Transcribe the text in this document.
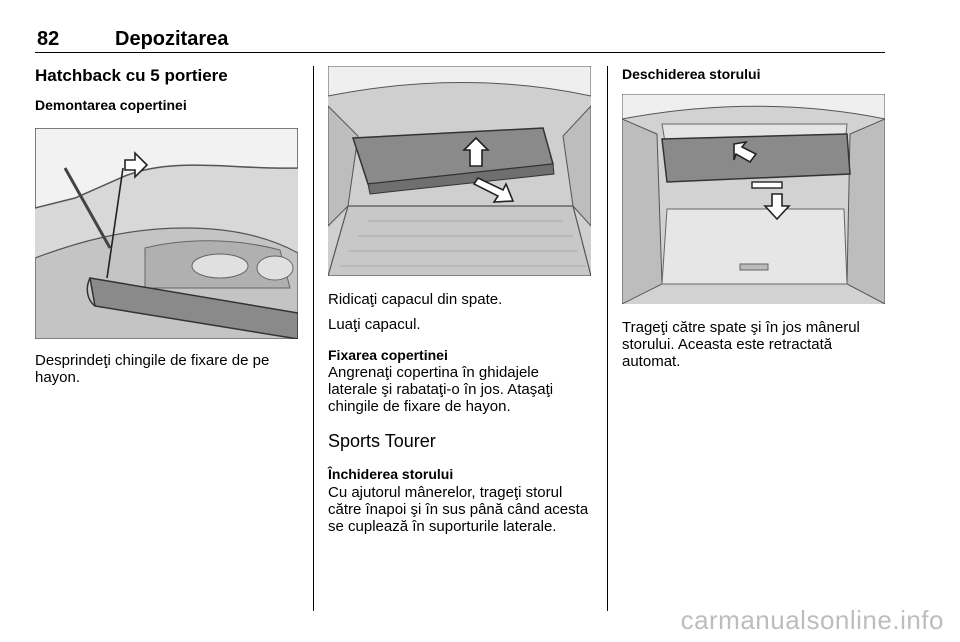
82	Depozitarea
Hatchback cu 5 portiere
Demontarea copertinei
Desprindeţi chingile de fixare de pe hayon.
Ridicaţi capacul din spate.
Luaţi capacul.
Fixarea copertinei
Angrenaţi copertina în ghidajele laterale şi rabataţi-o în jos. Ataşaţi chingile de fixare de hayon.
Sports Tourer
Închiderea storului
Cu ajutorul mânerelor, trageţi storul către înapoi şi în sus până când acesta se cuplează în suporturile laterale.
Deschiderea storului
Trageţi către spate şi în jos mânerul storului. Aceasta este retractată automat.
carmanualsonline.info
